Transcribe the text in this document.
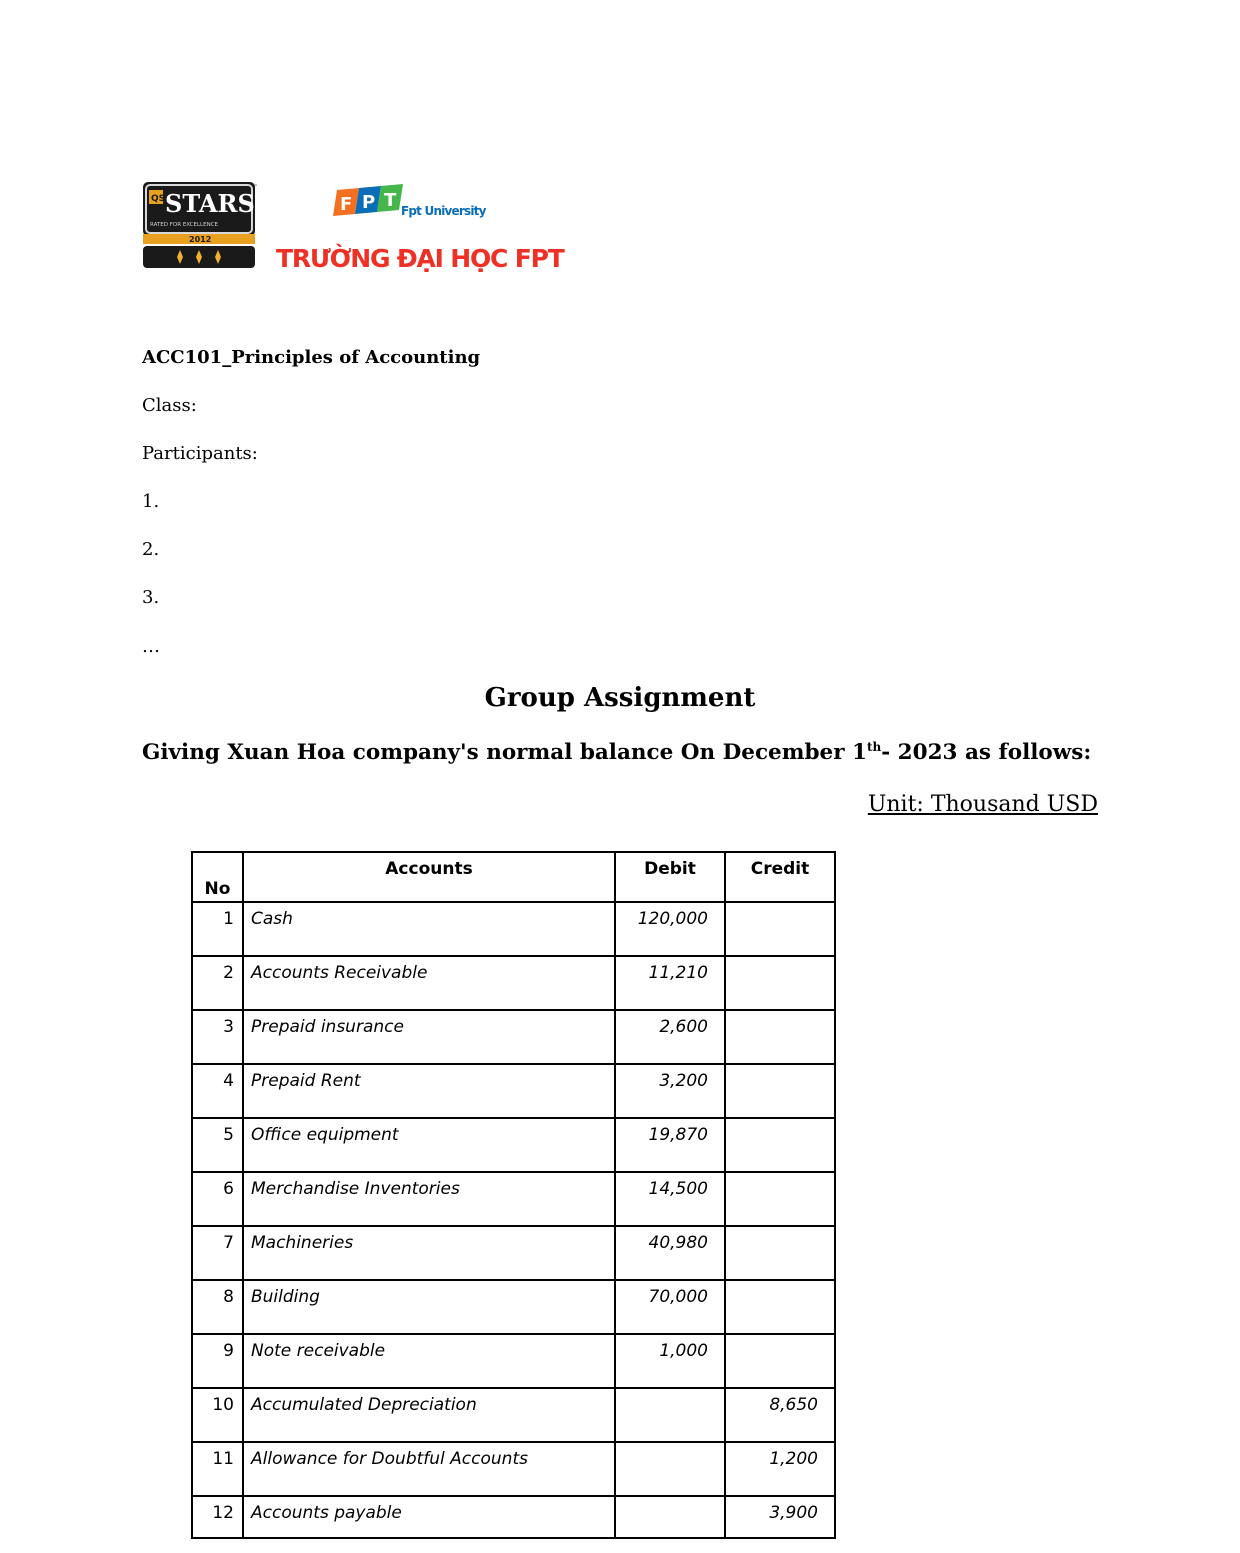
QS STARS
RATED FOR EXCELLENCE
2012
™
F P T Fpt University
TRƯỜNG ĐẠI HỌC FPT
ACC101_Principles of Accounting
Class:
Participants:
1.
2.
3.
…
Group Assignment
Giving Xuan Hoa company's normal balance On December 1th- 2023 as follows:
Unit: Thousand USD
No	Accounts	Debit	Credit
1	Cash	120,000	
2	Accounts Receivable	11,210	
3	Prepaid insurance	2,600	
4	Prepaid Rent	3,200	
5	Office equipment	19,870	
6	Merchandise Inventories	14,500	
7	Machineries	40,980	
8	Building	70,000	
9	Note receivable	1,000	
10	Accumulated Depreciation		8,650
11	Allowance for Doubtful Accounts		1,200
12	Accounts payable		3,900
